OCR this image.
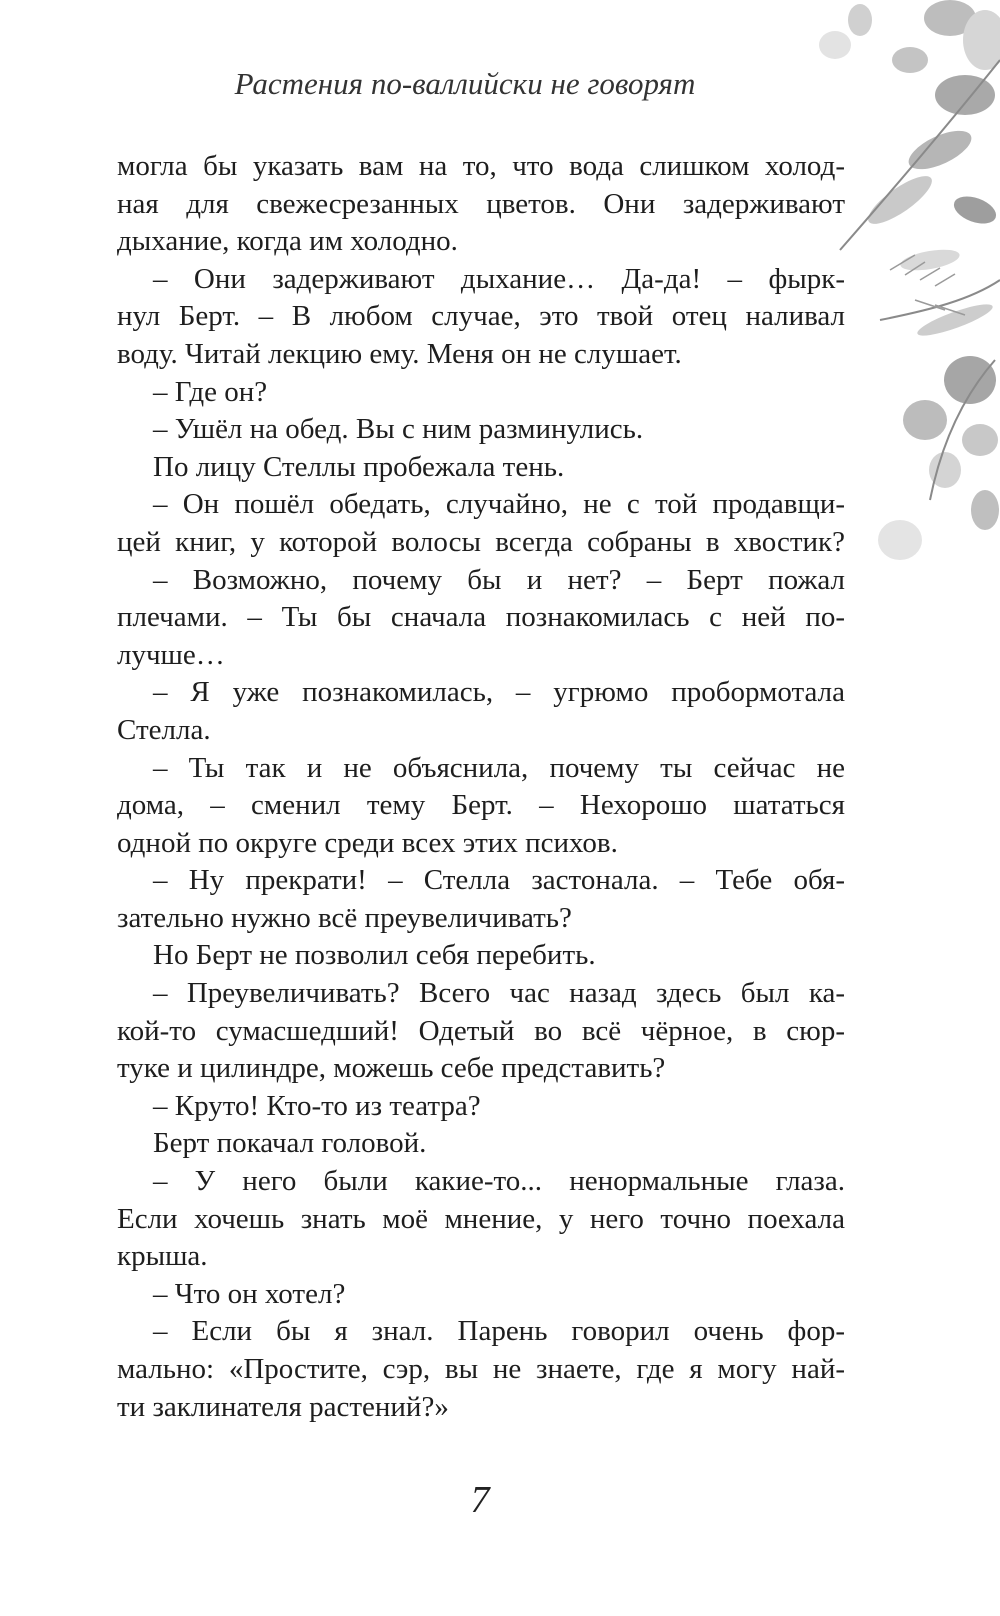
Растения по-валлийски не говорят
могла бы указать вам на то, что вода слишком холод-
ная для свежесрезанных цветов. Они задерживают
дыхание, когда им холодно.
– Они задерживают дыхание… Да-да! – фырк-
нул Берт. – В любом случае, это твой отец наливал
воду. Читай лекцию ему. Меня он не слушает.
– Где он?
– Ушёл на обед. Вы с ним разминулись.
По лицу Стеллы пробежала тень.
– Он пошёл обедать, случайно, не с той продавщи-
цей книг, у которой волосы всегда собраны в хвостик?
– Возможно, почему бы и нет? – Берт пожал
плечами. – Ты бы сначала познакомилась с ней по-
лучше…
– Я уже познакомилась, – угрюмо пробормотала
Стелла.
– Ты так и не объяснила, почему ты сейчас не
дома, – сменил тему Берт. – Нехорошо шататься
одной по округе среди всех этих психов.
– Ну прекрати! – Стелла застонала. – Тебе обя-
зательно нужно всё преувеличивать?
Но Берт не позволил себя перебить.
– Преувеличивать? Всего час назад здесь был ка-
кой-то сумасшедший! Одетый во всё чёрное, в сюр-
туке и цилиндре, можешь себе представить?
– Круто! Кто-то из театра?
Берт покачал головой.
– У него были какие-то... ненормальные глаза.
Если хочешь знать моё мнение, у него точно поехала
крыша.
– Что он хотел?
– Если бы я знал. Парень говорил очень фор-
мально: «Простите, сэр, вы не знаете, где я могу най-
ти заклинателя растений?»
7
